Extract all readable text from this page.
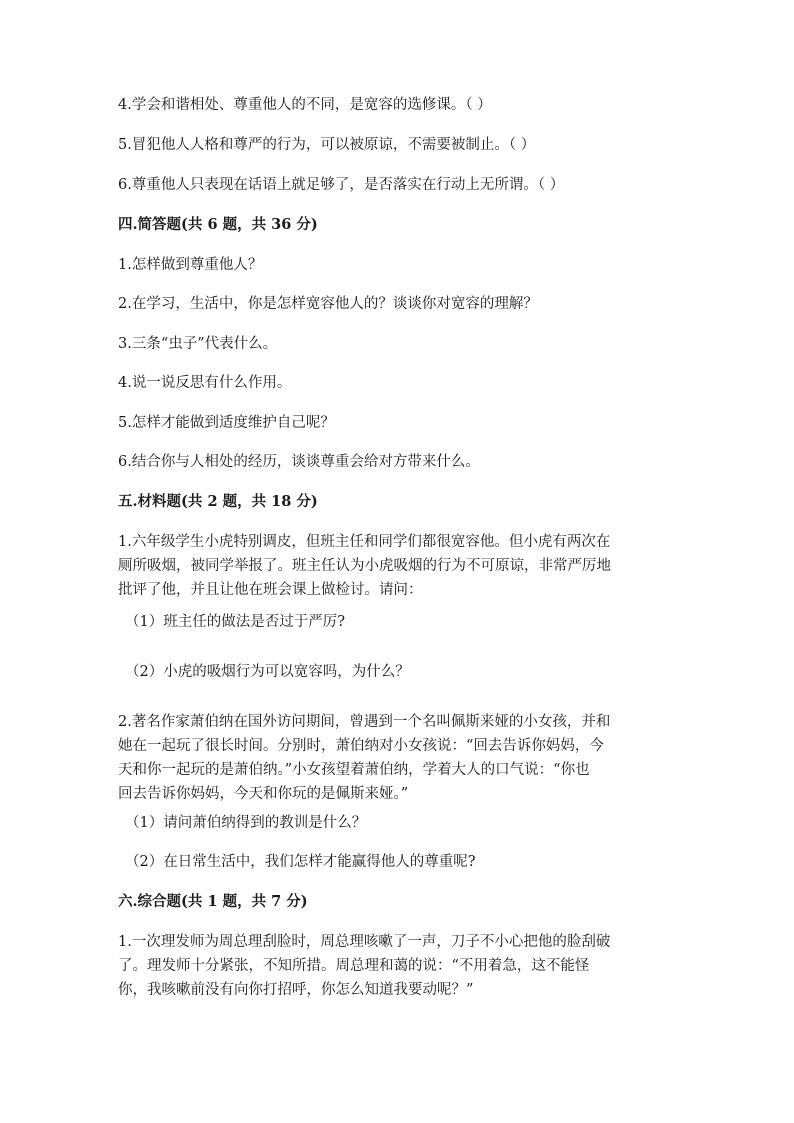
4.学会和谐相处、尊重他人的不同，是宽容的选修课。（ ）
5.冒犯他人人格和尊严的行为，可以被原谅，不需要被制止。（ ）
6.尊重他人只表现在话语上就足够了，是否落实在行动上无所谓。（ ）
四.简答题(共 6 题，共 36 分)
1.怎样做到尊重他人？
2.在学习，生活中，你是怎样宽容他人的？谈谈你对宽容的理解？
3.三条“虫子”代表什么。
4.说一说反思有什么作用。
5.怎样才能做到适度维护自己呢？
6.结合你与人相处的经历，谈谈尊重会给对方带来什么。
五.材料题(共 2 题，共 18 分)
1.六年级学生小虎特别调皮，但班主任和同学们都很宽容他。但小虎有两次在
厕所吸烟，被同学举报了。班主任认为小虎吸烟的行为不可原谅，非常严厉地
批评了他，并且让他在班会课上做检讨。请问：
（1）班主任的做法是否过于严厉?
（2）小虎的吸烟行为可以宽容吗，为什么？
2.著名作家萧伯纳在国外访问期间，曾遇到一个名叫佩斯来娅的小女孩，并和
她在一起玩了很长时间。分别时，萧伯纳对小女孩说：“回去告诉你妈妈，今
天和你一起玩的是萧伯纳。”小女孩望着萧伯纳，学着大人的口气说：“你也
回去告诉你妈妈，今天和你玩的是佩斯来娅。”
（1）请问萧伯纳得到的教训是什么？
（2）在日常生活中，我们怎样才能赢得他人的尊重呢?
六.综合题(共 1 题，共 7 分)
1.一次理发师为周总理刮脸时，周总理咳嗽了一声，刀子不小心把他的脸刮破
了。理发师十分紧张，不知所措。周总理和蔼的说：“不用着急，这不能怪
你，我咳嗽前没有向你打招呼，你怎么知道我要动呢？”
